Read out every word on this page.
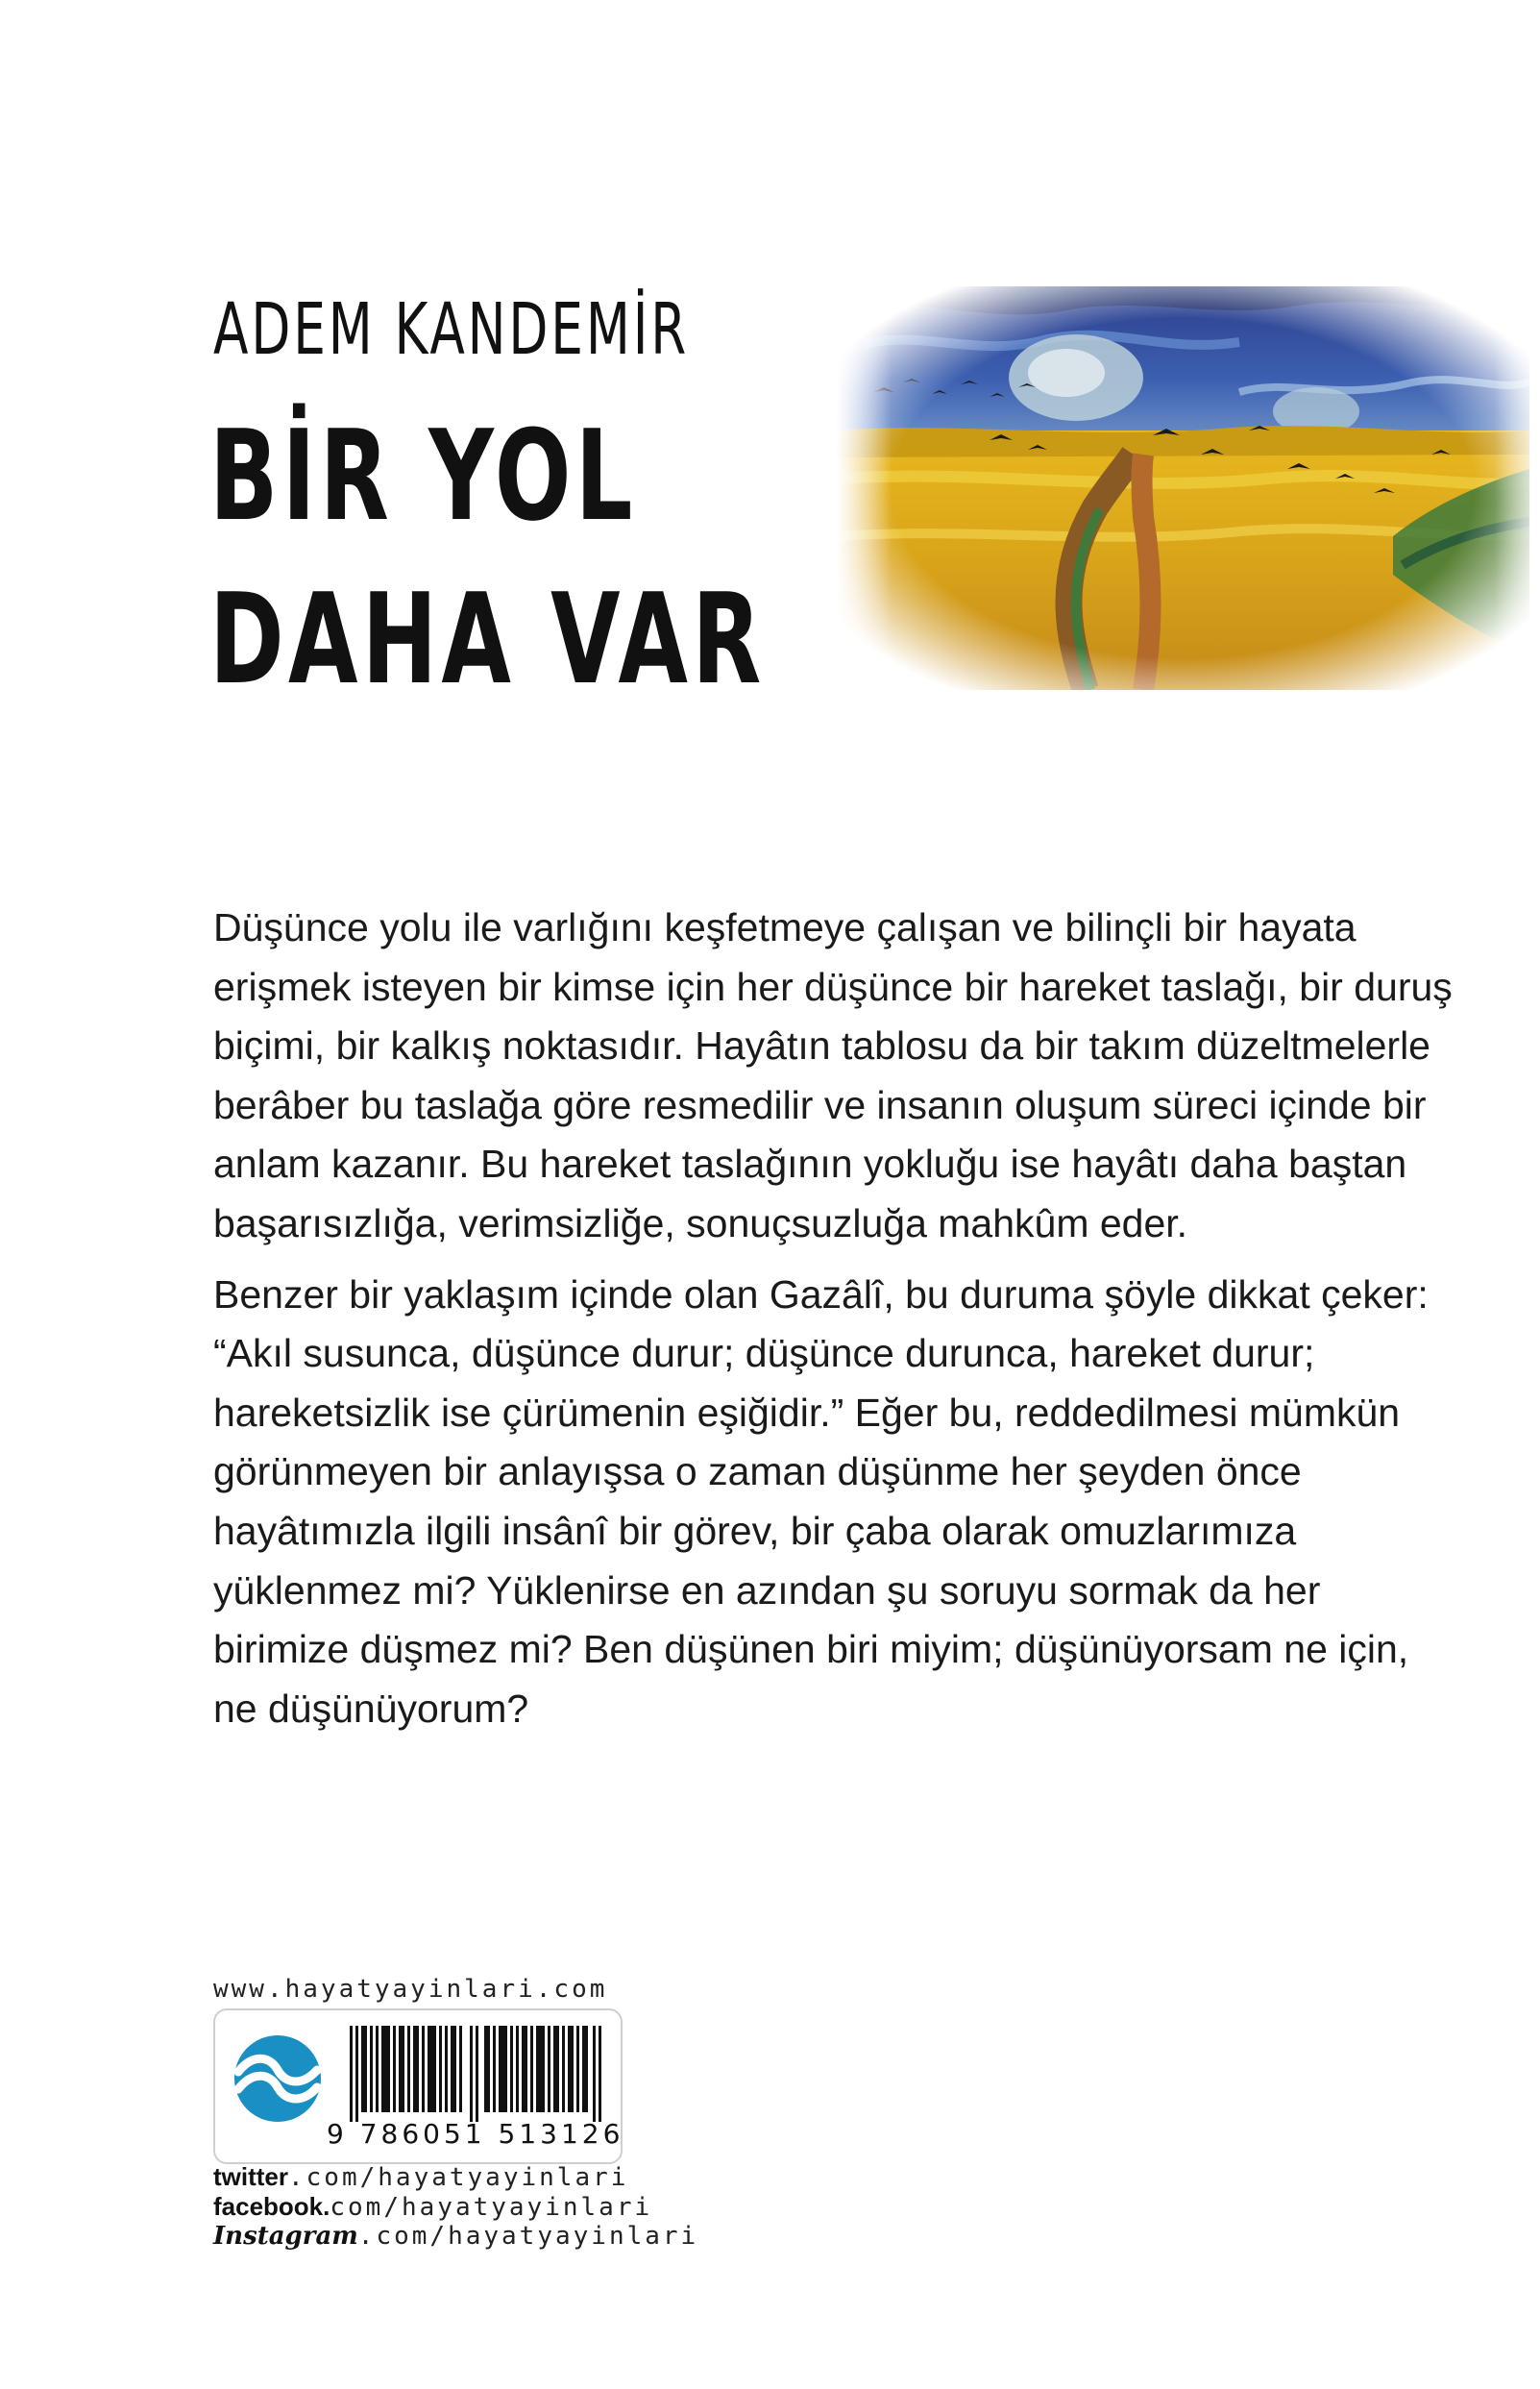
ADEM KANDEMİR
BİR YOL
DAHA VAR

Düşünce yolu ile varlığını keşfetmeye çalışan ve bilinçli bir hayata erişmek isteyen bir kimse için her düşünce bir hareket taslağı, bir duruş biçimi, bir kalkış noktasıdır. Hayâtın tablosu da bir takım düzeltmelerle berâber bu taslağa göre resmedilir ve insanın oluşum süreci içinde bir anlam kazanır. Bu hareket taslağının yokluğu ise hayâtı daha baştan başarısızlığa, verimsizliğe, sonuçsuzluğa mahkûm eder.

Benzer bir yaklaşım içinde olan Gazâlî, bu duruma şöyle dikkat çeker: “Akıl susunca, düşünce durur; düşünce durunca, hareket durur; hareketsizlik ise çürümenin eşiğidir.” Eğer bu, reddedilmesi mümkün görünmeyen bir anlayışsa o zaman düşünme her şeyden önce hayâtımızla ilgili insânî bir görev, bir çaba olarak omuzlarımıza yüklenmez mi? Yüklenirse en azından şu soruyu sormak da her birimize düşmez mi? Ben düşünen biri miyim; düşünüyorsam ne için, ne düşünüyorum?

www.hayatyayinlari.com
9 786051 513126
twitter.com/hayatyayinlari
facebook.com/hayatyayinlari
Instagram.com/hayatyayinlari
